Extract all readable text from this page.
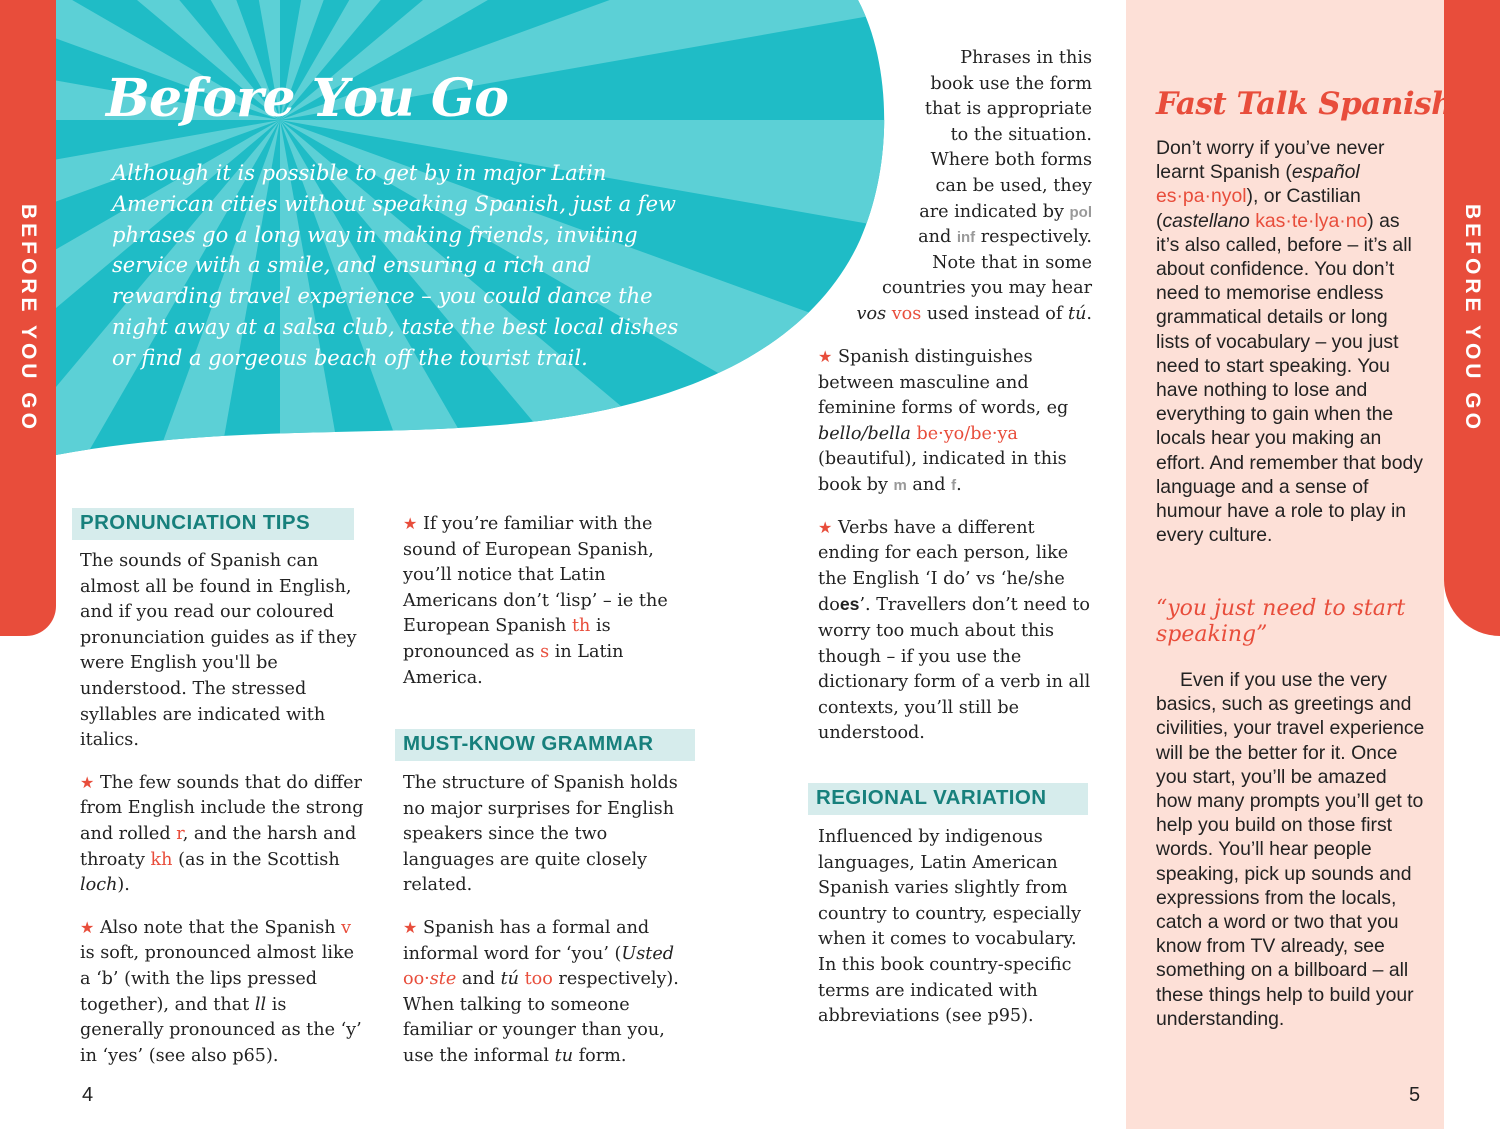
BEFORE YOU GO
Before You Go
Although it is possible to get by in major Latin American cities without speaking Spanish, just a few phrases go a long way in making friends, inviting service with a smile, and ensuring a rich and rewarding travel experience – you could dance the night away at a salsa club, taste the best local dishes or find a gorgeous beach off the tourist trail.
PRONUNCIATION TIPS

The sounds of Spanish can almost all be found in English, and if you read our coloured pronunciation guides as if they were English you'll be understood. The stressed syllables are indicated with italics.

★ The few sounds that do differ from English include the strong and rolled r, and the harsh and throaty kh (as in the Scottish loch).

★ Also note that the Spanish v is soft, pronounced almost like a ‘b’ (with the lips pressed together), and that ll is generally pronounced as the ‘y’ in ‘yes’ (see also p65).

★ If you’re familiar with the sound of European Spanish, you’ll notice that Latin Americans don’t ‘lisp’ – ie the European Spanish th is pronounced as s in Latin America.

MUST-KNOW GRAMMAR

The structure of Spanish holds no major surprises for English speakers since the two languages are quite closely related.

★ Spanish has a formal and informal word for ‘you’ (Usted
oo·ste and tú too respectively). When talking to someone familiar or younger than you, use the informal tu form.

Phrases in this
book use the form
that is appropriate
to the situation.
Where both forms
can be used, they
are indicated by pol
and inf respectively.
Note that in some
countries you may hear
vos vos used instead of tú.

★ Spanish distinguishes between masculine and feminine forms of words, eg bello/bella be·yo/be·ya (beautiful), indicated in this book by m and f.

★ Verbs have a different ending for each person, like the English ‘I do’ vs ‘he/she does’. Travellers don’t need to worry too much about this though – if you use the dictionary form of a verb in all contexts, you’ll still be understood.

REGIONAL VARIATION
Influenced by indigenous languages, Latin American Spanish varies slightly from country to country, especially when it comes to vocabulary. In this book country-specific terms are indicated with abbreviations (see p95).
BEFORE YOU GO
Fast Talk Spanish
Don’t worry if you’ve never learnt Spanish (español
es·pa·nyol), or Castilian (castellano kas·te·lya·no) as it’s also called, before – it’s all about confidence. You don’t need to memorise endless grammatical details or long lists of vocabulary – you just need to start speaking. You have nothing to lose and everything to gain when the locals hear you making an effort. And remember that body language and a sense of humour have a role to play in every culture.
“you just need to start speaking”
Even if you use the very basics, such as greetings and civilities, your travel experience will be the better for it. Once you start, you’ll be amazed how many prompts you’ll get to help you build on those first words. You’ll hear people speaking, pick up sounds and expressions from the locals, catch a word or two that you know from TV already, see something on a billboard – all these things help to build your understanding.
4	5
